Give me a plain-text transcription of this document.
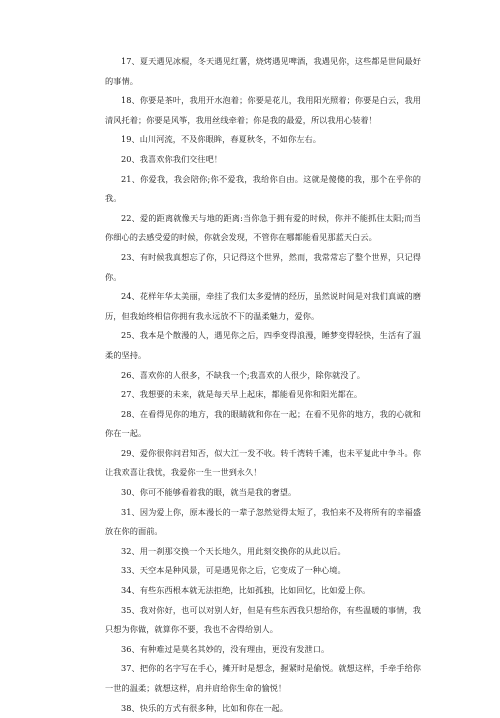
17、夏天遇见冰棍，冬天遇见红薯，烧烤遇见啤酒，我遇见你，这些都是世间最好的事情。

18、你要是茶叶，我用开水泡着；你要是花儿，我用阳光照着；你要是白云，我用清风托着；你要是风筝，我用丝线牵着；你是我的最爱，所以我用心装着！

19、山川河流，不及你眼眸，春夏秋冬，不如你左右。

20、我喜欢你我们交往吧！

21、你爱我，我会陪你;你不爱我，我给你自由。这就是傻傻的我，那个在乎你的我。

22、爱的距离就像天与地的距离:当你急于拥有爱的时候，你并不能抓住太阳;而当你细心的去感受爱的时候，你就会发现，不管你在哪都能看见那蓝天白云。

23、有时候我真想忘了你，只记得这个世界，然而，我常常忘了整个世界，只记得你。

24、花样年华太美丽，牵挂了我们太多爱情的经历，虽然说时间是对我们真诚的磨历，但我始终相信你拥有我永远放不下的温柔魅力，爱你。

25、我本是个散漫的人，遇见你之后，四季变得浪漫，睡梦变得轻快，生活有了温柔的坚持。

26、喜欢你的人很多，不缺我一个;我喜欢的人很少，除你就没了。

27、我想要的未来，就是每天早上起床，都能看见你和阳光都在。

28、在看得见你的地方，我的眼睛就和你在一起；在看不见你的地方，我的心就和你在一起。

29、爱你很你问君知否，似大江一发不收。转千湾转千滩，也未平复此中争斗。你让我欢喜让我忧，我爱你一生一世到永久！

30、你可不能够看着我的眼，就当是我的奢望。

31、因为爱上你，原本漫长的一辈子忽然觉得太短了，我怕来不及将所有的幸福盛放在你的面前。

32、用一刹那交换一个天长地久，用此刻交换你的从此以后。

33、天空本是种风景，可是遇见你之后，它变成了一种心境。

34、有些东西根本就无法拒绝，比如孤独，比如回忆，比如爱上你。

35、我对你好，也可以对别人好，但是有些东西我只想给你，有些温暖的事情，我只想为你做，就算你不要，我也不舍得给别人。

36、有种难过是莫名其妙的，没有理由，更没有发泄口。

37、把你的名字写在手心，摊开时是想念，握紧时是偷悦。就想这样，手牵手给你一世的温柔；就想这样，肩并肩给你生命的愉悦！

38、快乐的方式有很多种，比如和你在一起。
